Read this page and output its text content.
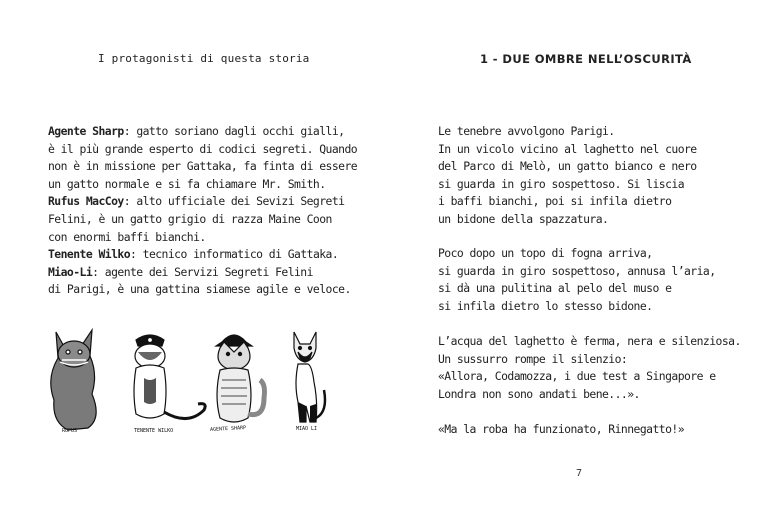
I protagonisti di questa storia
Agente Sharp: gatto soriano dagli occhi gialli,
è il più grande esperto di codici segreti. Quando
non è in missione per Gattaka, fa finta di essere
un gatto normale e si fa chiamare Mr. Smith.
Rufus MacCoy: alto ufficiale dei Sevizi Segreti
Felini, è un gatto grigio di razza Maine Coon
con enormi baffi bianchi.
Tenente Wilko: tecnico informatico di Gattaka.
Miao-Li: agente dei Servizi Segreti Felini
di Parigi, è una gattina siamese agile e veloce.
RUFUS	TENENTE WILKO	AGENTE SHARP	MIAO LI
1 - DUE OMBRE NELL’OSCURITÀ
Le tenebre avvolgono Parigi.
In un vicolo vicino al laghetto nel cuore
del Parco di Melò, un gatto bianco e nero
si guarda in giro sospettoso. Si liscia
i baffi bianchi, poi si infila dietro
un bidone della spazzatura.
Poco dopo un topo di fogna arriva,
si guarda in giro sospettoso, annusa l’aria,
si dà una pulitina al pelo del muso e
si infila dietro lo stesso bidone.
L’acqua del laghetto è ferma, nera e silenziosa.
Un sussurro rompe il silenzio:
«Allora, Codamozza, i due test a Singapore e
Londra non sono andati bene...».
«Ma la roba ha funzionato, Rinnegatto!»
7
